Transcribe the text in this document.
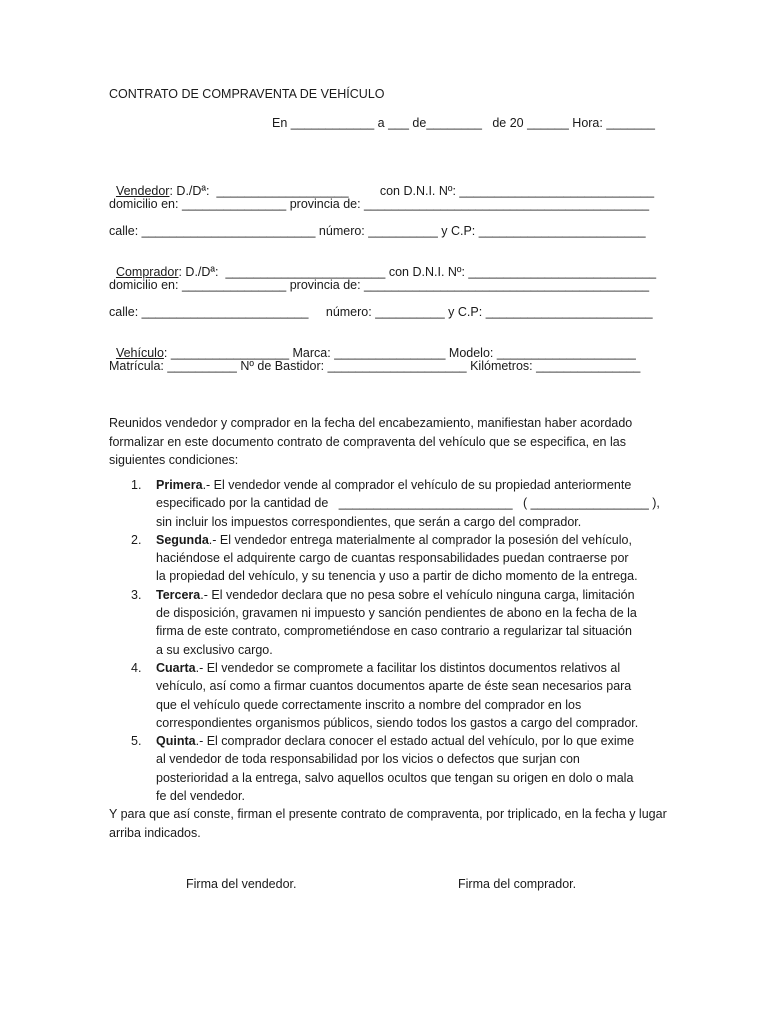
CONTRATO DE COMPRAVENTA DE VEHÍCULO
En ____________ a ___ de________   de 20 ______ Hora: _______

Vendedor: D./Dª:  ___________________         con D.N.I. Nº: ____________________________

domicilio en: _______________ provincia de: _________________________________________
calle: _________________________ número: __________ y C.P: ________________________

Comprador: D./Dª:  _______________________ con D.N.I. Nº: ___________________________

domicilio en: _______________ provincia de: _________________________________________
calle: ________________________     número: __________ y C.P: ________________________

Vehículo: _________________ Marca: ________________ Modelo: ____________________

Matrícula: __________ Nº de Bastidor: ____________________ Kilómetros: _______________
Reunidos vendedor y comprador en la fecha del encabezamiento, manifiestan haber acordado formalizar en este documento contrato de compraventa del vehículo que se especifica, en las siguientes condiciones:
1. Primera.- El vendedor vende al comprador el vehículo de su propiedad anteriormente
especificado por la cantidad de   _________________________   ( _________________ ),
sin incluir los impuestos correspondientes, que serán a cargo del comprador.
2. Segunda.- El vendedor entrega materialmente al comprador la posesión del vehículo,
haciéndose el adquirente cargo de cuantas responsabilidades puedan contraerse por
la propiedad del vehículo, y su tenencia y uso a partir de dicho momento de la entrega.
3. Tercera.- El vendedor declara que no pesa sobre el vehículo ninguna carga, limitación
de disposición, gravamen ni impuesto y sanción pendientes de abono en la fecha de la
firma de este contrato, comprometiéndose en caso contrario a regularizar tal situación
a su exclusivo cargo.
4. Cuarta.- El vendedor se compromete a facilitar los distintos documentos relativos al
vehículo, así como a firmar cuantos documentos aparte de éste sean necesarios para
que el vehículo quede correctamente inscrito a nombre del comprador en los
correspondientes organismos públicos, siendo todos los gastos a cargo del comprador.
5. Quinta.- El comprador declara conocer el estado actual del vehículo, por lo que exime
al vendedor de toda responsabilidad por los vicios o defectos que surjan con
posterioridad a la entrega, salvo aquellos ocultos que tengan su origen en dolo o mala
fe del vendedor.
Y para que así conste, firman el presente contrato de compraventa, por triplicado, en la fecha y lugar arriba indicados.
Firma del vendedor.	Firma del comprador.
